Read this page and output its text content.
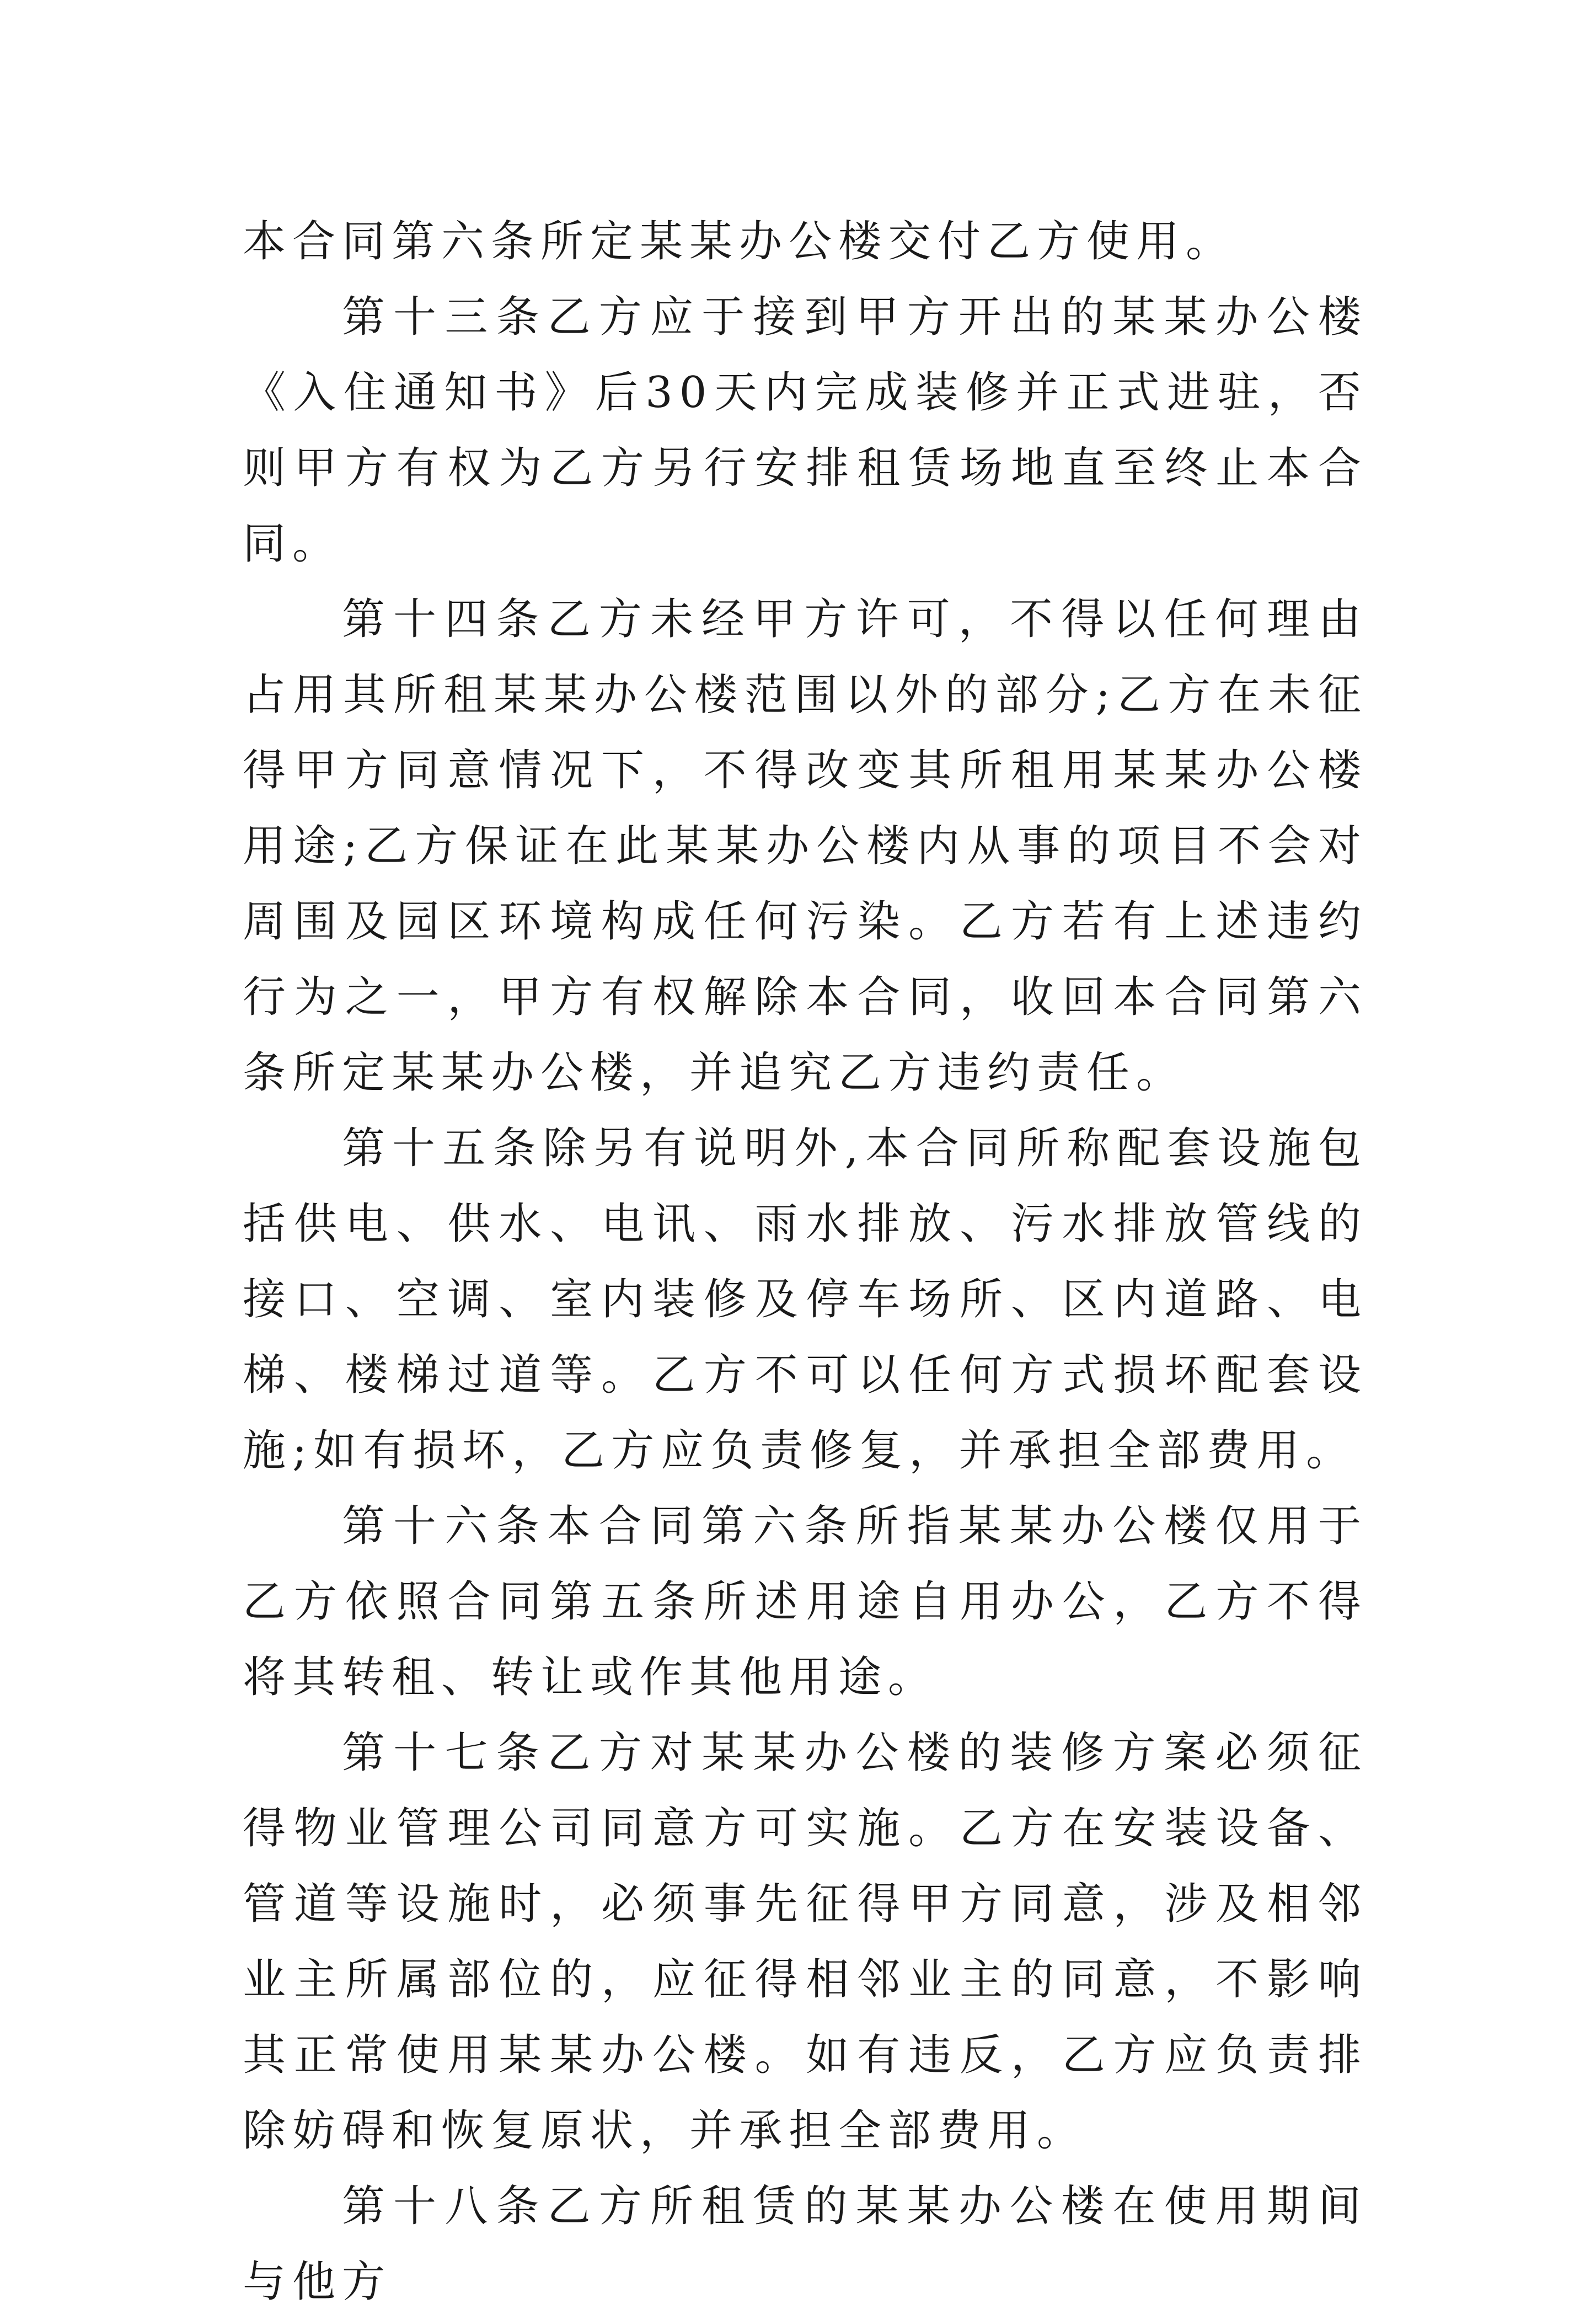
本合同第六条所定某某办公楼交付乙方使用。

第十三条乙方应于接到甲方开出的某某办公楼《入住通知书》后30天内完成装修并正式进驻，否则甲方有权为乙方另行安排租赁场地直至终止本合同。

第十四条乙方未经甲方许可，不得以任何理由占用其所租某某办公楼范围以外的部分;乙方在未征得甲方同意情况下，不得改变其所租用某某办公楼用途;乙方保证在此某某办公楼内从事的项目不会对周围及园区环境构成任何污染。乙方若有上述违约行为之一，甲方有权解除本合同，收回本合同第六条所定某某办公楼，并追究乙方违约责任。

第十五条除另有说明外,本合同所称配套设施包括供电、供水、电讯、雨水排放、污水排放管线的接口、空调、室内装修及停车场所、区内道路、电梯、楼梯过道等。乙方不可以任何方式损坏配套设施;如有损坏，乙方应负责修复，并承担全部费用。

第十六条本合同第六条所指某某办公楼仅用于乙方依照合同第五条所述用途自用办公，乙方不得将其转租、转让或作其他用途。

第十七条乙方对某某办公楼的装修方案必须征得物业管理公司同意方可实施。乙方在安装设备、管道等设施时，必须事先征得甲方同意，涉及相邻业主所属部位的，应征得相邻业主的同意，不影响其正常使用某某办公楼。如有违反，乙方应负责排除妨碍和恢复原状，并承担全部费用。

第十八条乙方所租赁的某某办公楼在使用期间与他方
